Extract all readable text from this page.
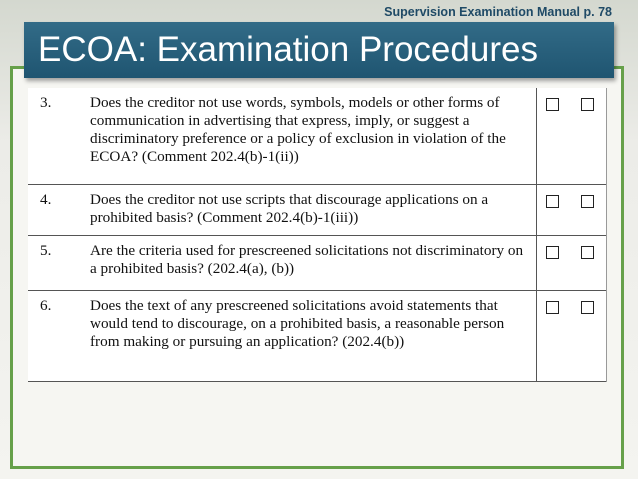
Supervision Examination Manual p. 78
ECOA: Examination Procedures
3.	Does the creditor not use words, symbols, models or other forms of communication in advertising that express, imply, or suggest a discriminatory preference or a policy of exclusion in violation of the ECOA? (Comment 202.4(b)-1(ii))
4.	Does the creditor not use scripts that discourage applications on a prohibited basis? (Comment 202.4(b)-1(iii))
5.	Are the criteria used for prescreened solicitations not discriminatory on a prohibited basis? (202.4(a), (b))
6.	Does the text of any prescreened solicitations avoid statements that would tend to discourage, on a prohibited basis, a reasonable person from making or pursuing an application? (202.4(b))
